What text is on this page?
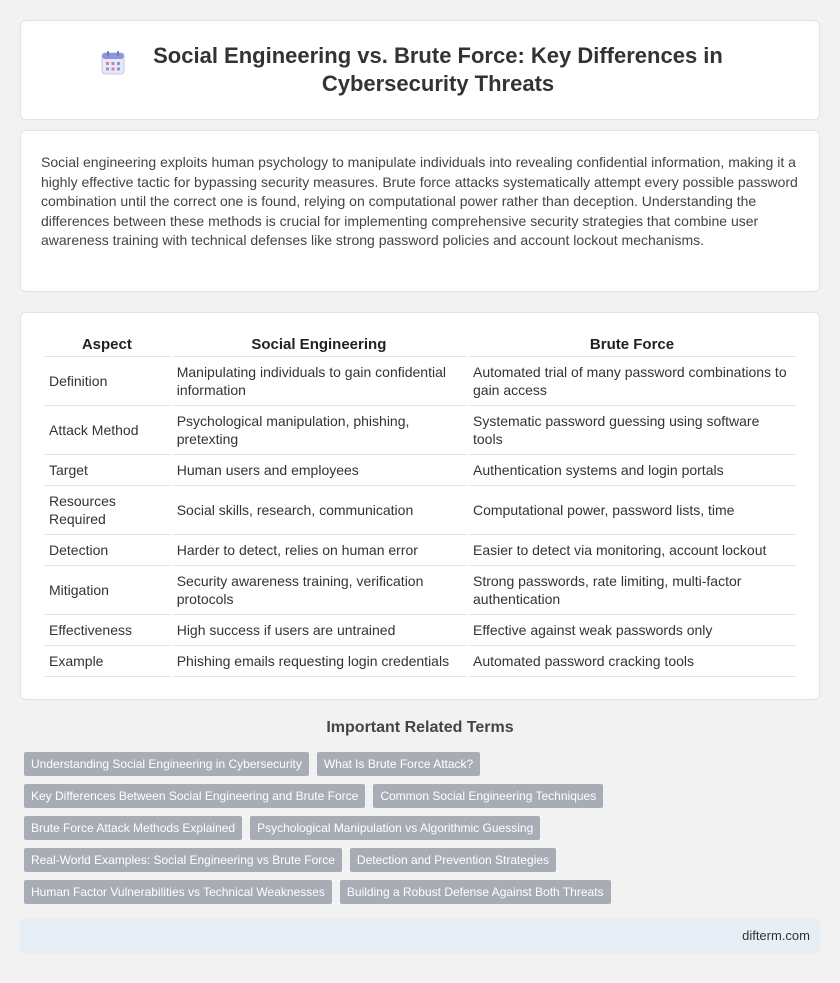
Social Engineering vs. Brute Force: Key Differences in Cybersecurity Threats

Social engineering exploits human psychology to manipulate individuals into revealing confidential information, making it a highly effective tactic for bypassing security measures. Brute force attacks systematically attempt every possible password combination until the correct one is found, relying on computational power rather than deception. Understanding the differences between these methods is crucial for implementing comprehensive security strategies that combine user awareness training with technical defenses like strong password policies and account lockout mechanisms.

Aspect	Social Engineering	Brute Force
Definition	Manipulating individuals to gain confidential information	Automated trial of many password combinations to gain access
Attack Method	Psychological manipulation, phishing, pretexting	Systematic password guessing using software tools
Target	Human users and employees	Authentication systems and login portals
Resources Required	Social skills, research, communication	Computational power, password lists, time
Detection	Harder to detect, relies on human error	Easier to detect via monitoring, account lockout
Mitigation	Security awareness training, verification protocols	Strong passwords, rate limiting, multi-factor authentication
Effectiveness	High success if users are untrained	Effective against weak passwords only
Example	Phishing emails requesting login credentials	Automated password cracking tools
Important Related Terms
Understanding Social Engineering in Cybersecurity	What Is Brute Force Attack?
Key Differences Between Social Engineering and Brute Force	Common Social Engineering Techniques
Brute Force Attack Methods Explained	Psychological Manipulation vs Algorithmic Guessing
Real-World Examples: Social Engineering vs Brute Force	Detection and Prevention Strategies
Human Factor Vulnerabilities vs Technical Weaknesses	Building a Robust Defense Against Both Threats
difterm.com
